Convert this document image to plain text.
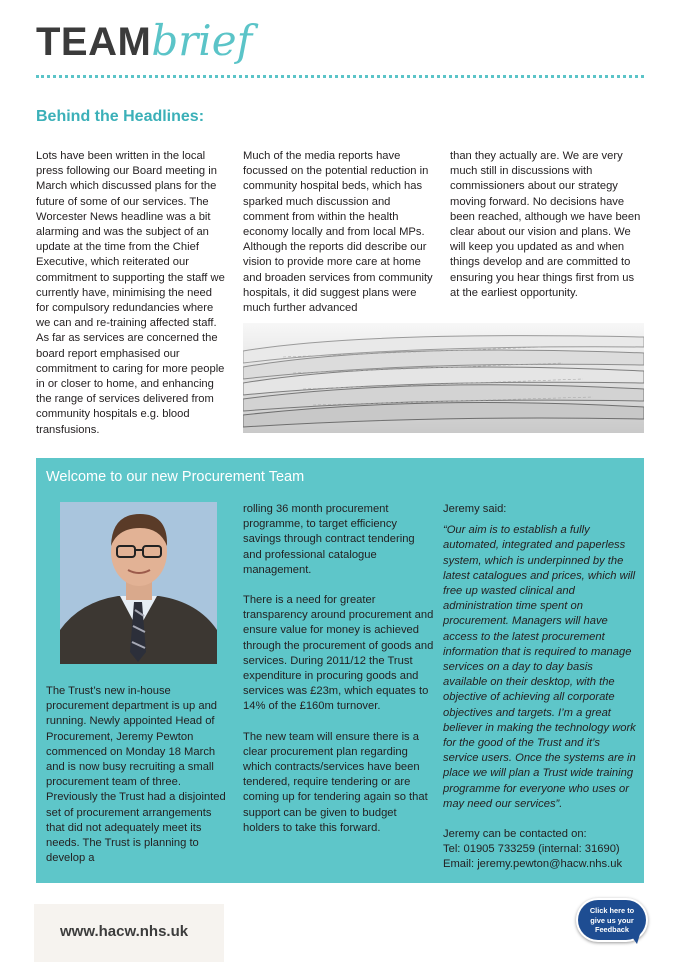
TEAMbrief
Behind the Headlines:
Lots have been written in the local press following our Board meeting in March which discussed plans for the future of some of our services. The Worcester News headline was a bit alarming and was the subject of an update at the time from the Chief Executive, which reiterated our commitment to supporting the staff we currently have, minimising the need for compulsory redundancies where we can and re-training affected staff. As far as services are concerned the board report emphasised our commitment to caring for more people in or closer to home, and enhancing the range of services delivered from community hospitals e.g. blood transfusions.
Much of the media reports have focussed on the potential reduction in community hospital beds, which has sparked much discussion and comment from within the health economy locally and from local MPs. Although the reports did describe our vision to provide more care at home and broaden services from community hospitals, it did suggest plans were much further advanced
than they actually are. We are very much still in discussions with commissioners about our strategy moving forward. No decisions have been reached, although we have been clear about our vision and plans. We will keep you updated as and when things develop and are committed to ensuring you hear things first from us at the earliest opportunity.
Welcome to our new Procurement Team
The Trust’s new in-house procurement department is up and running. Newly appointed Head of Procurement, Jeremy Pewton commenced on Monday 18 March and is now busy recruiting a small procurement team of three. Previously the Trust had a disjointed set of procurement arrangements that did not adequately meet its needs. The Trust is planning to develop a

rolling 36 month procurement programme, to target efficiency savings through contract tendering and professional catalogue management.

There is a need for greater transparency around procurement and ensure value for money is achieved through the procurement of goods and services. During 2011/12 the Trust expenditure in procuring goods and services was £23m, which equates to 14% of the £160m turnover.

The new team will ensure there is a clear procurement plan regarding which contracts/services have been tendered, require tendering or are coming up for tendering again so that support can be given to budget holders to take this forward.

Jeremy said:

“Our aim is to establish a fully automated, integrated and paperless system, which is underpinned by the latest catalogues and prices, which will free up wasted clinical and administration time spent on procurement. Managers will have access to the latest procurement information that is required to manage services on a day to day basis available on their desktop, with the objective of achieving all corporate objectives and targets. I’m a great believer in making the technology work for the good of the Trust and it’s service users. Once the systems are in place we will plan a Trust wide training programme for everyone who uses or may need our services”.

Jeremy can be contacted on:
Tel: 01905 733259 (internal: 31690)
Email: jeremy.pewton@hacw.nhs.uk
www.hacw.nhs.uk
Click here to
give us your
Feedback
